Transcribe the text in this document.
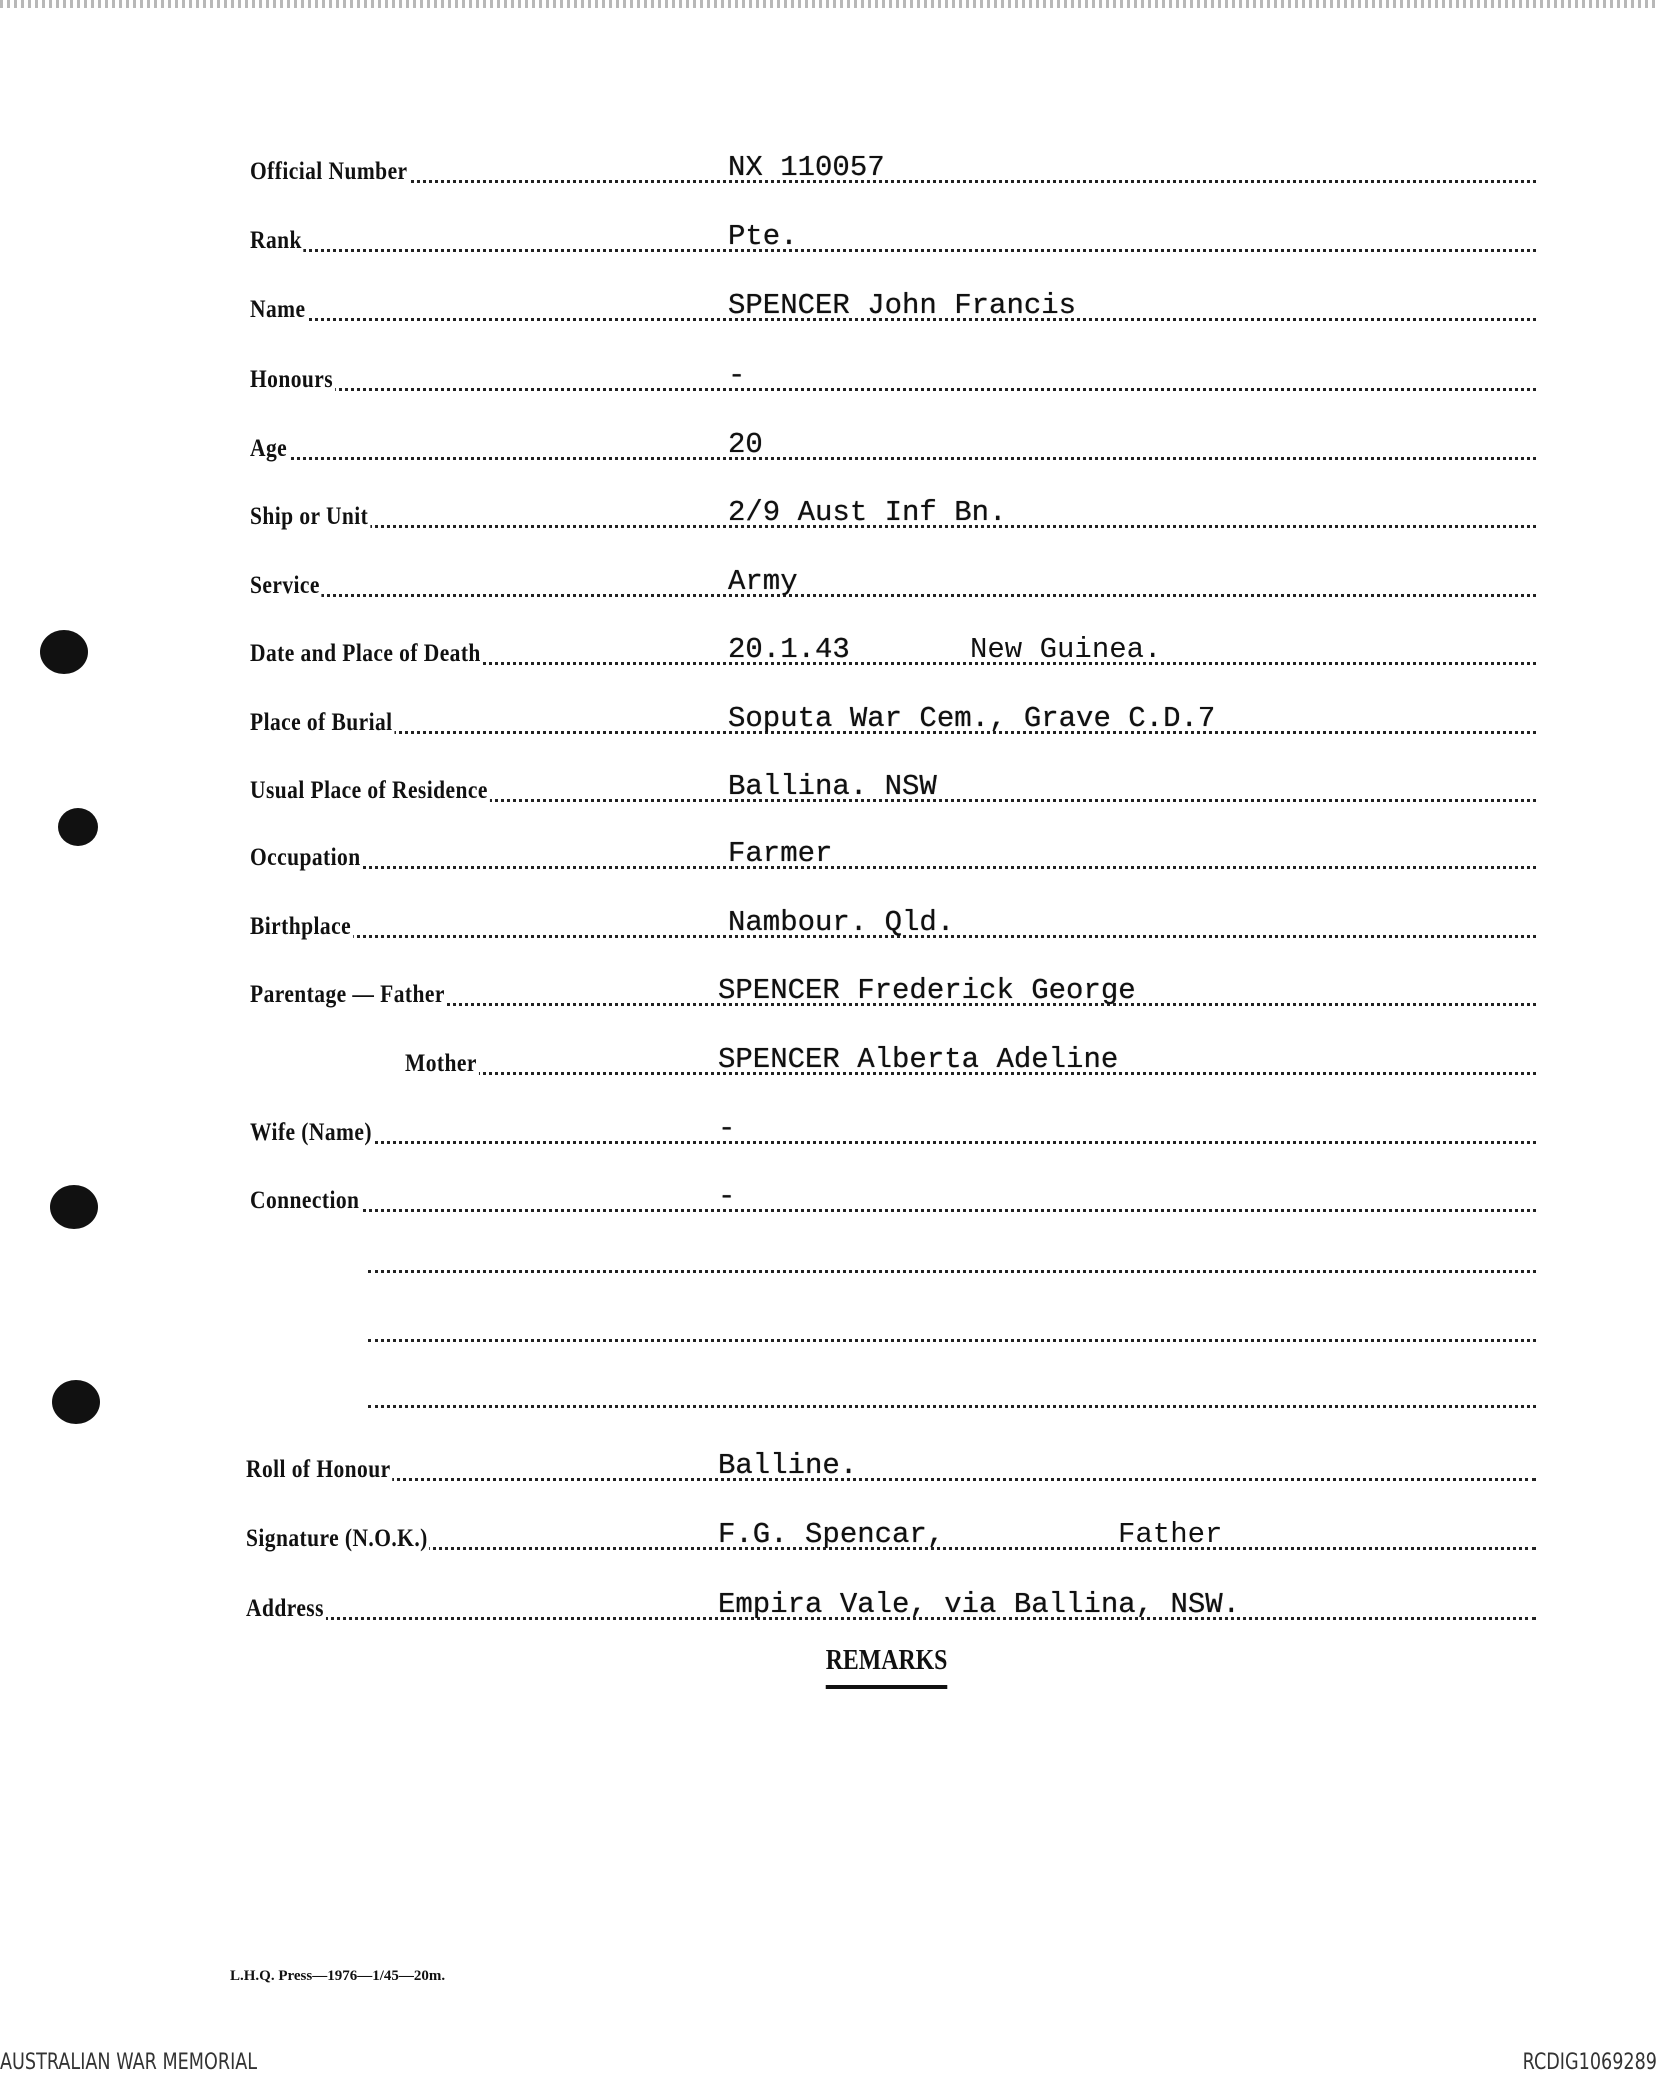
Official Number	NX 110057
Rank	Pte.
Name	SPENCER John Francis
Honours	-
Age	20
Ship or Unit	2/9 Aust Inf Bn.
Service	Army
Date and Place of Death	20.1.43	New Guinea.
Place of Burial	Soputa War Cem., Grave C.D.7
Usual Place of Residence	Ballina. NSW
Occupation	Farmer
Birthplace	Nambour. Qld.
Parentage — Father	SPENCER Frederick George
Mother	SPENCER Alberta Adeline
Wife (Name)	-
Connection	-
Roll of Honour	Balline.
Signature (N.O.K.)	F.G. Spencar,	Father
Address	Empira Vale, via Ballina, NSW.
REMARKS
L.H.Q. Press—1976—1/45—20m.
AUSTRALIAN WAR MEMORIAL	RCDIG1069289
